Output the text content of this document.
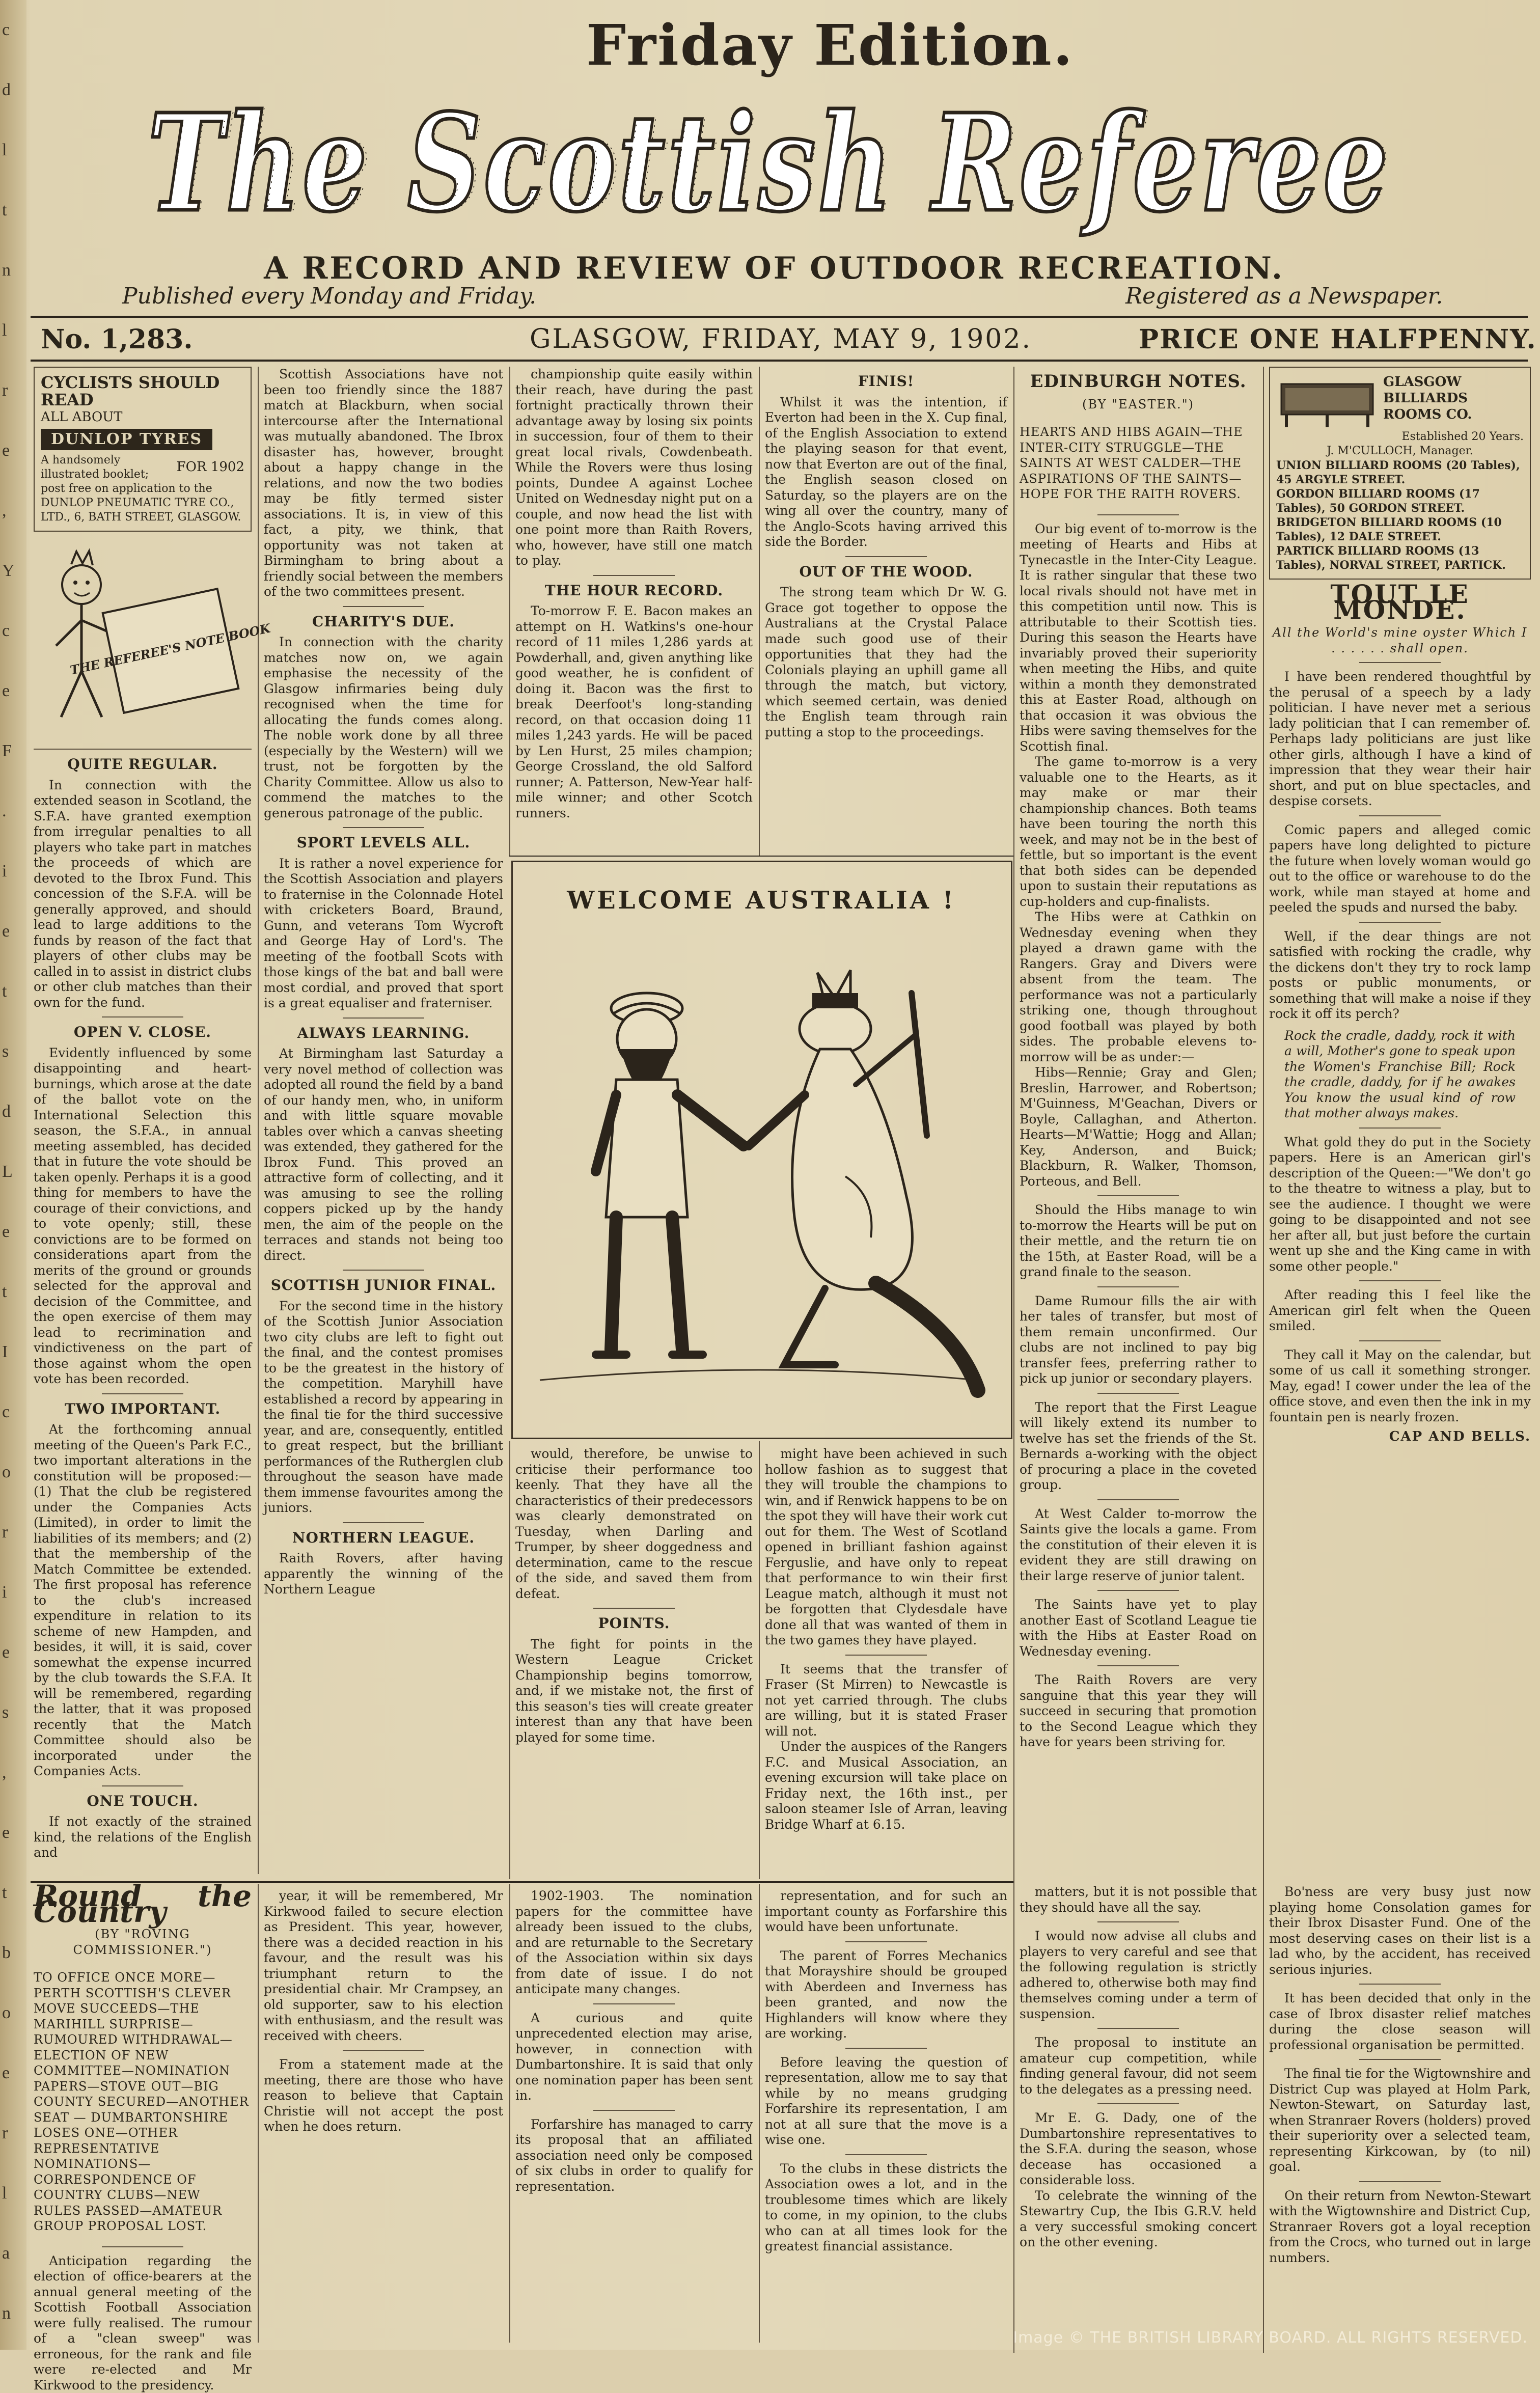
c
d
l
t
n
l
r
e
,
Y
c
e
F
.
i
e
t
s
d
L
e
t
I
c
o
r
i
e
s
,
e
t
b
o
e
r
l
a
n
Friday Edition.
The Scottish Referee
The Scottish Referee
A RECORD AND REVIEW OF OUTDOOR RECREATION.
Published every Monday and Friday.	Registered as a Newspaper.
No. 1,283.	GLASGOW, FRIDAY, MAY 9, 1902.	PRICE ONE HALFPENNY.
CYCLISTS SHOULD READ
ALL ABOUT
DUNLOP TYRES
FOR 1902
A handsomely illustrated booklet; post free on application to the DUNLOP PNEUMATIC TYRE CO., LTD., 6, BATH STREET, GLASGOW.
THE REFEREE'S NOTE BOOK
QUITE REGULAR.

In connection with the extended season in Scotland, the S.F.A. have granted exemption from irregular penalties to all players who take part in matches the proceeds of which are devoted to the Ibrox Fund. This concession of the S.F.A. will be generally approved, and should lead to large additions to the funds by reason of the fact that players of other clubs may be called in to assist in district clubs or other club matches than their own for the fund.

OPEN V. CLOSE.

Evidently influenced by some disappointing and heart-burnings, which arose at the date of the ballot vote on the International Selection this season, the S.F.A., in annual meeting assembled, has decided that in future the vote should be taken openly. Perhaps it is a good thing for members to have the courage of their convictions, and to vote openly; still, these convictions are to be formed on considerations apart from the merits of the ground or grounds selected for the approval and decision of the Committee, and the open exercise of them may lead to recrimination and vindictiveness on the part of those against whom the open vote has been recorded.

TWO IMPORTANT.

At the forthcoming annual meeting of the Queen's Park F.C., two important alterations in the constitution will be proposed:—(1) That the club be registered under the Companies Acts (Limited), in order to limit the liabilities of its members; and (2) that the membership of the Match Committee be extended. The first proposal has reference to the club's increased expenditure in relation to its scheme of new Hampden, and besides, it will, it is said, cover somewhat the expense incurred by the club towards the S.F.A. It will be remembered, regarding the latter, that it was proposed recently that the Match Committee should also be incorporated under the Companies Acts.

ONE TOUCH.

If not exactly of the strained kind, the relations of the English and

Scottish Associations have not been too friendly since the 1887 match at Blackburn, when social intercourse after the International was mutually abandoned. The Ibrox disaster has, however, brought about a happy change in the relations, and now the two bodies may be fitly termed sister associations. It is, in view of this fact, a pity, we think, that opportunity was not taken at Birmingham to bring about a friendly social between the members of the two committees present.

CHARITY'S DUE.

In connection with the charity matches now on, we again emphasise the necessity of the Glasgow infirmaries being duly recognised when the time for allocating the funds comes along. The noble work done by all three (especially by the Western) will we trust, not be forgotten by the Charity Committee. Allow us also to commend the matches to the generous patronage of the public.

SPORT LEVELS ALL.

It is rather a novel experience for the Scottish Association and players to fraternise in the Colonnade Hotel with cricketers Board, Braund, Gunn, and veterans Tom Wycroft and George Hay of Lord's. The meeting of the football Scots with those kings of the bat and ball were most cordial, and proved that sport is a great equaliser and fraterniser.

ALWAYS LEARNING.

At Birmingham last Saturday a very novel method of collection was adopted all round the field by a band of our handy men, who, in uniform and with little square movable tables over which a canvas sheeting was extended, they gathered for the Ibrox Fund. This proved an attractive form of collecting, and it was amusing to see the rolling coppers picked up by the handy men, the aim of the people on the terraces and stands not being too direct.

SCOTTISH JUNIOR FINAL.

For the second time in the history of the Scottish Junior Association two city clubs are left to fight out the final, and the contest promises to be the greatest in the history of the competition. Maryhill have established a record by appearing in the final tie for the third successive year, and are, consequently, entitled to great respect, but the brilliant performances of the Rutherglen club throughout the season have made them immense favourites among the juniors.

NORTHERN LEAGUE.

Raith Rovers, after having apparently the winning of the Northern League

championship quite easily within their reach, have during the past fortnight practically thrown their advantage away by losing six points in succession, four of them to their great local rivals, Cowdenbeath. While the Rovers were thus losing points, Dundee A against Lochee United on Wednesday night put on a couple, and now head the list with one point more than Raith Rovers, who, however, have still one match to play.

THE HOUR RECORD.

To-morrow F. E. Bacon makes an attempt on H. Watkins's one-hour record of 11 miles 1,286 yards at Powderhall, and, given anything like good weather, he is confident of doing it. Bacon was the first to break Deerfoot's long-standing record, on that occasion doing 11 miles 1,243 yards. He will be paced by Len Hurst, 25 miles champion; George Crossland, the old Salford runner; A. Patterson, New-Year half-mile winner; and other Scotch runners.

FINIS!

Whilst it was the intention, if Everton had been in the X. Cup final, of the English Association to extend the playing season for that event, now that Everton are out of the final, the English season closed on Saturday, so the players are on the wing all over the country, many of the Anglo-Scots having arrived this side the Border.

OUT OF THE WOOD.

The strong team which Dr W. G. Grace got together to oppose the Australians at the Crystal Palace made such good use of their opportunities that they had the Colonials playing an uphill game all through the match, but victory, which seemed certain, was denied the English team through rain putting a stop to the proceedings.

WELCOME AUSTRALIA !

would, therefore, be unwise to criticise their performance too keenly. That they have all the characteristics of their predecessors was clearly demonstrated on Tuesday, when Darling and Trumper, by sheer doggedness and determination, came to the rescue of the side, and saved them from defeat.

POINTS.

The fight for points in the Western League Cricket Championship begins tomorrow, and, if we mistake not, the first of this season's ties will create greater interest than any that have been played for some time.

might have been achieved in such hollow fashion as to suggest that they will trouble the champions to win, and if Renwick happens to be on the spot they will have their work cut out for them. The West of Scotland opened in brilliant fashion against Ferguslie, and have only to repeat that performance to win their first League match, although it must not be forgotten that Clydesdale have done all that was wanted of them in the two games they have played.

It seems that the transfer of Fraser (St Mirren) to Newcastle is not yet carried through. The clubs are willing, but it is stated Fraser will not.

Under the auspices of the Rangers F.C. and Musical Association, an evening excursion will take place on Friday next, the 16th inst., per saloon steamer Isle of Arran, leaving Bridge Wharf at 6.15.

EDINBURGH NOTES.
(BY "EASTER.")

HEARTS AND HIBS AGAIN—THE INTER-CITY STRUGGLE—THE SAINTS AT WEST CALDER—THE ASPIRATIONS OF THE SAINTS—HOPE FOR THE RAITH ROVERS.

Our big event of to-morrow is the meeting of Hearts and Hibs at Tynecastle in the Inter-City League. It is rather singular that these two local rivals should not have met in this competition until now. This is attributable to their Scottish ties. During this season the Hearts have invariably proved their superiority when meeting the Hibs, and quite within a month they demonstrated this at Easter Road, although on that occasion it was obvious the Hibs were saving themselves for the Scottish final.

The game to-morrow is a very valuable one to the Hearts, as it may make or mar their championship chances. Both teams have been touring the north this week, and may not be in the best of fettle, but so important is the event that both sides can be depended upon to sustain their reputations as cup-holders and cup-finalists.

The Hibs were at Cathkin on Wednesday evening when they played a drawn game with the Rangers. Gray and Divers were absent from the team. The performance was not a particularly striking one, though throughout good football was played by both sides. The probable elevens to-morrow will be as under:—

Hibs—Rennie; Gray and Glen; Breslin, Harrower, and Robertson; M'Guinness, M'Geachan, Divers or Boyle, Callaghan, and Atherton. Hearts—M'Wattie; Hogg and Allan; Key, Anderson, and Buick; Blackburn, R. Walker, Thomson, Porteous, and Bell.

Should the Hibs manage to win to-morrow the Hearts will be put on their mettle, and the return tie on the 15th, at Easter Road, will be a grand finale to the season.

Dame Rumour fills the air with her tales of transfer, but most of them remain unconfirmed. Our clubs are not inclined to pay big transfer fees, preferring rather to pick up junior or secondary players.

The report that the First League will likely extend its number to twelve has set the friends of the St. Bernards a-working with the object of procuring a place in the coveted group.

At West Calder to-morrow the Saints give the locals a game. From the constitution of their eleven it is evident they are still drawing on their large reserve of junior talent.

The Saints have yet to play another East of Scotland League tie with the Hibs at Easter Road on Wednesday evening.

The Raith Rovers are very sanguine that this year they will succeed in securing that promotion to the Second League which they have for years been striving for.

GLASGOW BILLIARDS ROOMS CO.
Established 20 Years.
J. M'CULLOCH, Manager.
UNION BILLIARD ROOMS (20 Tables), 45 ARGYLE STREET.
GORDON BILLIARD ROOMS (17 Tables), 50 GORDON STREET.
BRIDGETON BILLIARD ROOMS (10 Tables), 12 DALE STREET.
PARTICK BILLIARD ROOMS (13 Tables), NORVAL STREET, PARTICK.
TOUT LE MONDE.
All the World's mine oyster Which I . . . . . . shall open.

I have been rendered thoughtful by the perusal of a speech by a lady politician. I have never met a serious lady politician that I can remember of. Perhaps lady politicians are just like other girls, although I have a kind of impression that they wear their hair short, and put on blue spectacles, and despise corsets.

Comic papers and alleged comic papers have long delighted to picture the future when lovely woman would go out to the office or warehouse to do the work, while man stayed at home and peeled the spuds and nursed the baby.

Well, if the dear things are not satisfied with rocking the cradle, why the dickens don't they try to rock lamp posts or public monuments, or something that will make a noise if they rock it off its perch?

Rock the cradle, daddy, rock it with a will, Mother's gone to speak upon the Women's Franchise Bill; Rock the cradle, daddy, for if he awakes You know the usual kind of row that mother always makes.

What gold they do put in the Society papers. Here is an American girl's description of the Queen:—"We don't go to the theatre to witness a play, but to see the audience. I thought we were going to be disappointed and not see her after all, but just before the curtain went up she and the King came in with some other people."

After reading this I feel like the American girl felt when the Queen smiled.

They call it May on the calendar, but some of us call it something stronger. May, egad! I cower under the lea of the office stove, and even then the ink in my fountain pen is nearly frozen.

CAP AND BELLS.
Round the Country
(BY "ROVING COMMISSIONER.")

TO OFFICE ONCE MORE—PERTH SCOTTISH'S CLEVER MOVE SUCCEEDS—THE MARIHILL SURPRISE—RUMOURED WITHDRAWAL—ELECTION OF NEW COMMITTEE—NOMINATION PAPERS—STOVE OUT—BIG COUNTY SECURED—ANOTHER SEAT — DUMBARTONSHIRE LOSES ONE—OTHER REPRESENTATIVE NOMINATIONS—CORRESPONDENCE OF COUNTRY CLUBS—NEW RULES PASSED—AMATEUR GROUP PROPOSAL LOST.

Anticipation regarding the election of office-bearers at the annual general meeting of the Scottish Football Association were fully realised. The rumour of a "clean sweep" was erroneous, for the rank and file were re-elected and Mr Kirkwood to the presidency.

year, it will be remembered, Mr Kirkwood failed to secure election as President. This year, however, there was a decided reaction in his favour, and the result was his triumphant return to the presidential chair. Mr Crampsey, an old supporter, saw to his election with enthusiasm, and the result was received with cheers.

From a statement made at the meeting, there are those who have reason to believe that Captain Christie will not accept the post when he does return.

1902-1903. The nomination papers for the committee have already been issued to the clubs, and are returnable to the Secretary of the Association within six days from date of issue. I do not anticipate many changes.

A curious and quite unprecedented election may arise, however, in connection with Dumbartonshire. It is said that only one nomination paper has been sent in.

Forfarshire has managed to carry its proposal that an affiliated association need only be composed of six clubs in order to qualify for representation.

representation, and for such an important county as Forfarshire this would have been unfortunate.

The parent of Forres Mechanics that Morayshire should be grouped with Aberdeen and Inverness has been granted, and now the Highlanders will know where they are working.

Before leaving the question of representation, allow me to say that while by no means grudging Forfarshire its representation, I am not at all sure that the move is a wise one.

To the clubs in these districts the Association owes a lot, and in the troublesome times which are likely to come, in my opinion, to the clubs who can at all times look for the greatest financial assistance.

matters, but it is not possible that they should have all the say.

I would now advise all clubs and players to very careful and see that the following regulation is strictly adhered to, otherwise both may find themselves coming under a term of suspension.

The proposal to institute an amateur cup competition, while finding general favour, did not seem to the delegates as a pressing need.

Mr E. G. Dady, one of the Dumbartonshire representatives to the S.F.A. during the season, whose decease has occasioned a considerable loss.

To celebrate the winning of the Stewartry Cup, the Ibis G.R.V. held a very successful smoking concert on the other evening.

Bo'ness are very busy just now playing home Consolation games for their Ibrox Disaster Fund. One of the most deserving cases on their list is a lad who, by the accident, has received serious injuries.

It has been decided that only in the case of Ibrox disaster relief matches during the close season will professional organisation be permitted.

The final tie for the Wigtownshire and District Cup was played at Holm Park, Newton-Stewart, on Saturday last, when Stranraer Rovers (holders) proved their superiority over a selected team, representing Kirkcowan, by (to nil) goal.

On their return from Newton-Stewart with the Wigtownshire and District Cup, Stranraer Rovers got a loyal reception from the Crocs, who turned out in large numbers.

Image © THE BRITISH LIBRARY BOARD. ALL RIGHTS RESERVED.
